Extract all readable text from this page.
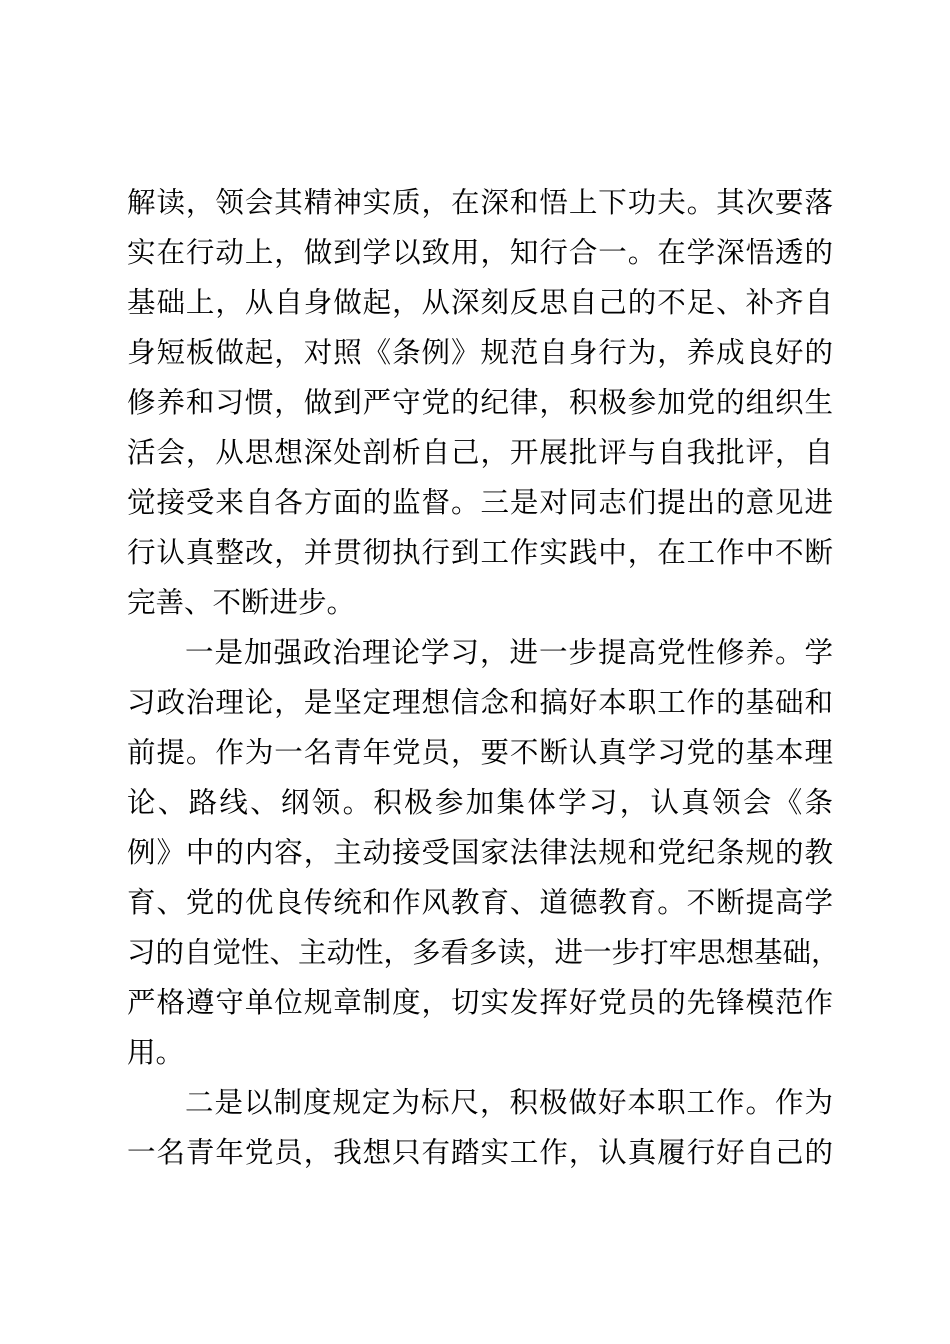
解读，领会其精神实质，在深和悟上下功夫。其次要落
实在行动上，做到学以致用，知行合一。在学深悟透的
基础上，从自身做起，从深刻反思自己的不足、补齐自
身短板做起，对照《条例》规范自身行为，养成良好的
修养和习惯，做到严守党的纪律，积极参加党的组织生
活会，从思想深处剖析自己，开展批评与自我批评，自
觉接受来自各方面的监督。三是对同志们提出的意见进
行认真整改，并贯彻执行到工作实践中，在工作中不断
完善、不断进步。
一是加强政治理论学习，进一步提高党性修养。学
习政治理论，是坚定理想信念和搞好本职工作的基础和
前提。作为一名青年党员，要不断认真学习党的基本理
论、路线、纲领。积极参加集体学习，认真领会《条
例》中的内容，主动接受国家法律法规和党纪条规的教
育、党的优良传统和作风教育、道德教育。不断提高学
习的自觉性、主动性，多看多读，进一步打牢思想基础，
严格遵守单位规章制度，切实发挥好党员的先锋模范作
用。
二是以制度规定为标尺，积极做好本职工作。作为
一名青年党员，我想只有踏实工作，认真履行好自己的
